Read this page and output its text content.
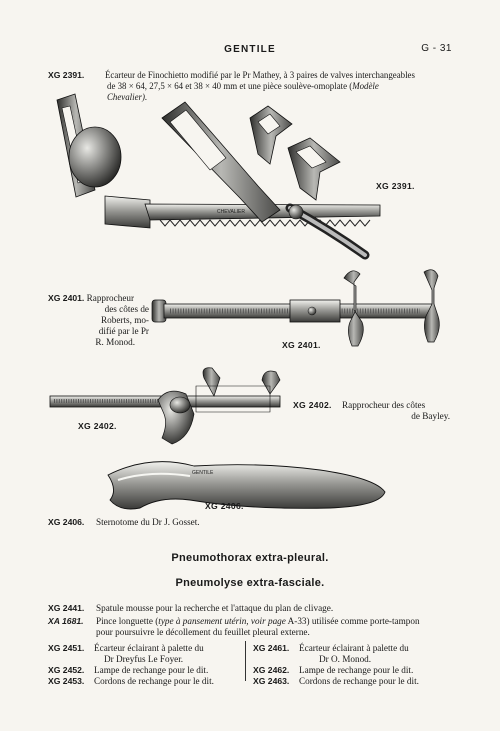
GENTILE	G - 31
XG 2391. Écarteur de Finochietto modifié par le Pr Mathey, à 3 paires de valves interchangeables
de 38 × 64, 27,5 × 64 et 38 × 40 mm et une pièce soulève-omoplate (Modèle
Chevalier).
CHEVALIER
GENTILE
XG 2391.
XG 2401.
XG 2402.
XG 2402.
XG 2406.
XG 2401. Rapprocheur
des côtes de
Roberts, mo-
difié par le Pr
R. Monod.
Rapprocheur des côtes
de Bayley.
XG 2406. Sternotome du Dr J. Gosset.
Pneumothorax extra-pleural.
Pneumolyse extra-fasciale.
XG 2441. Spatule mousse pour la recherche et l'attaque du plan de clivage.
XA 1681. Pince longuette (type à pansement utérin, voir page A-33) utilisée comme porte-tampon
pour poursuivre le décollement du feuillet pleural externe.
XG 2451. Écarteur éclairant à palette du
Dr Dreyfus Le Foyer.
XG 2452. Lampe de rechange pour le dit.
XG 2453. Cordons de rechange pour le dit.
XG 2461. Écarteur éclairant à palette du
Dr O. Monod.
XG 2462. Lampe de rechange pour le dit.
XG 2463. Cordons de rechange pour le dit.
